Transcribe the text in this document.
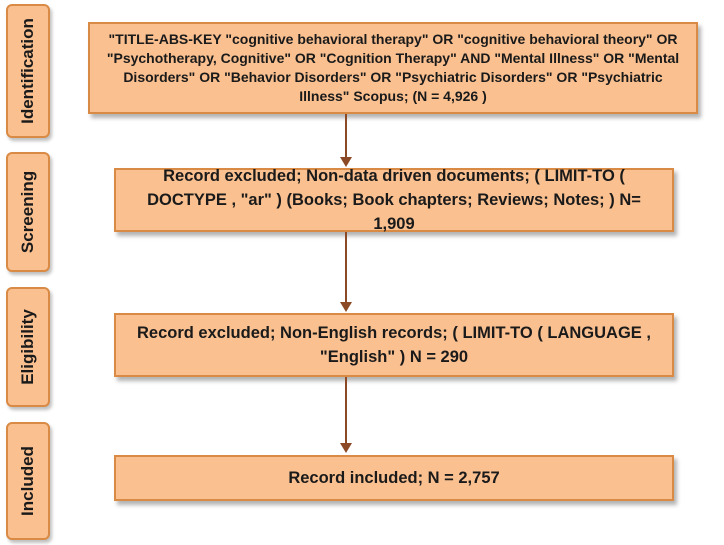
Identification
Screening
Eligibility
Included
"TITLE-ABS-KEY "cognitive behavioral therapy" OR "cognitive behavioral theory" OR "Psychotherapy, Cognitive" OR "Cognition Therapy" AND "Mental Illness" OR "Mental Disorders" OR "Behavior Disorders" OR "Psychiatric Disorders" OR "Psychiatric Illness" Scopus; (N = 4,926 )
Record excluded; Non-data driven documents; ( LIMIT-TO ( DOCTYPE , "ar" ) (Books; Book chapters; Reviews; Notes; ) N= 1,909
Record excluded; Non-English records; ( LIMIT-TO ( LANGUAGE , "English" ) N = 290
Record included; N = 2,757
